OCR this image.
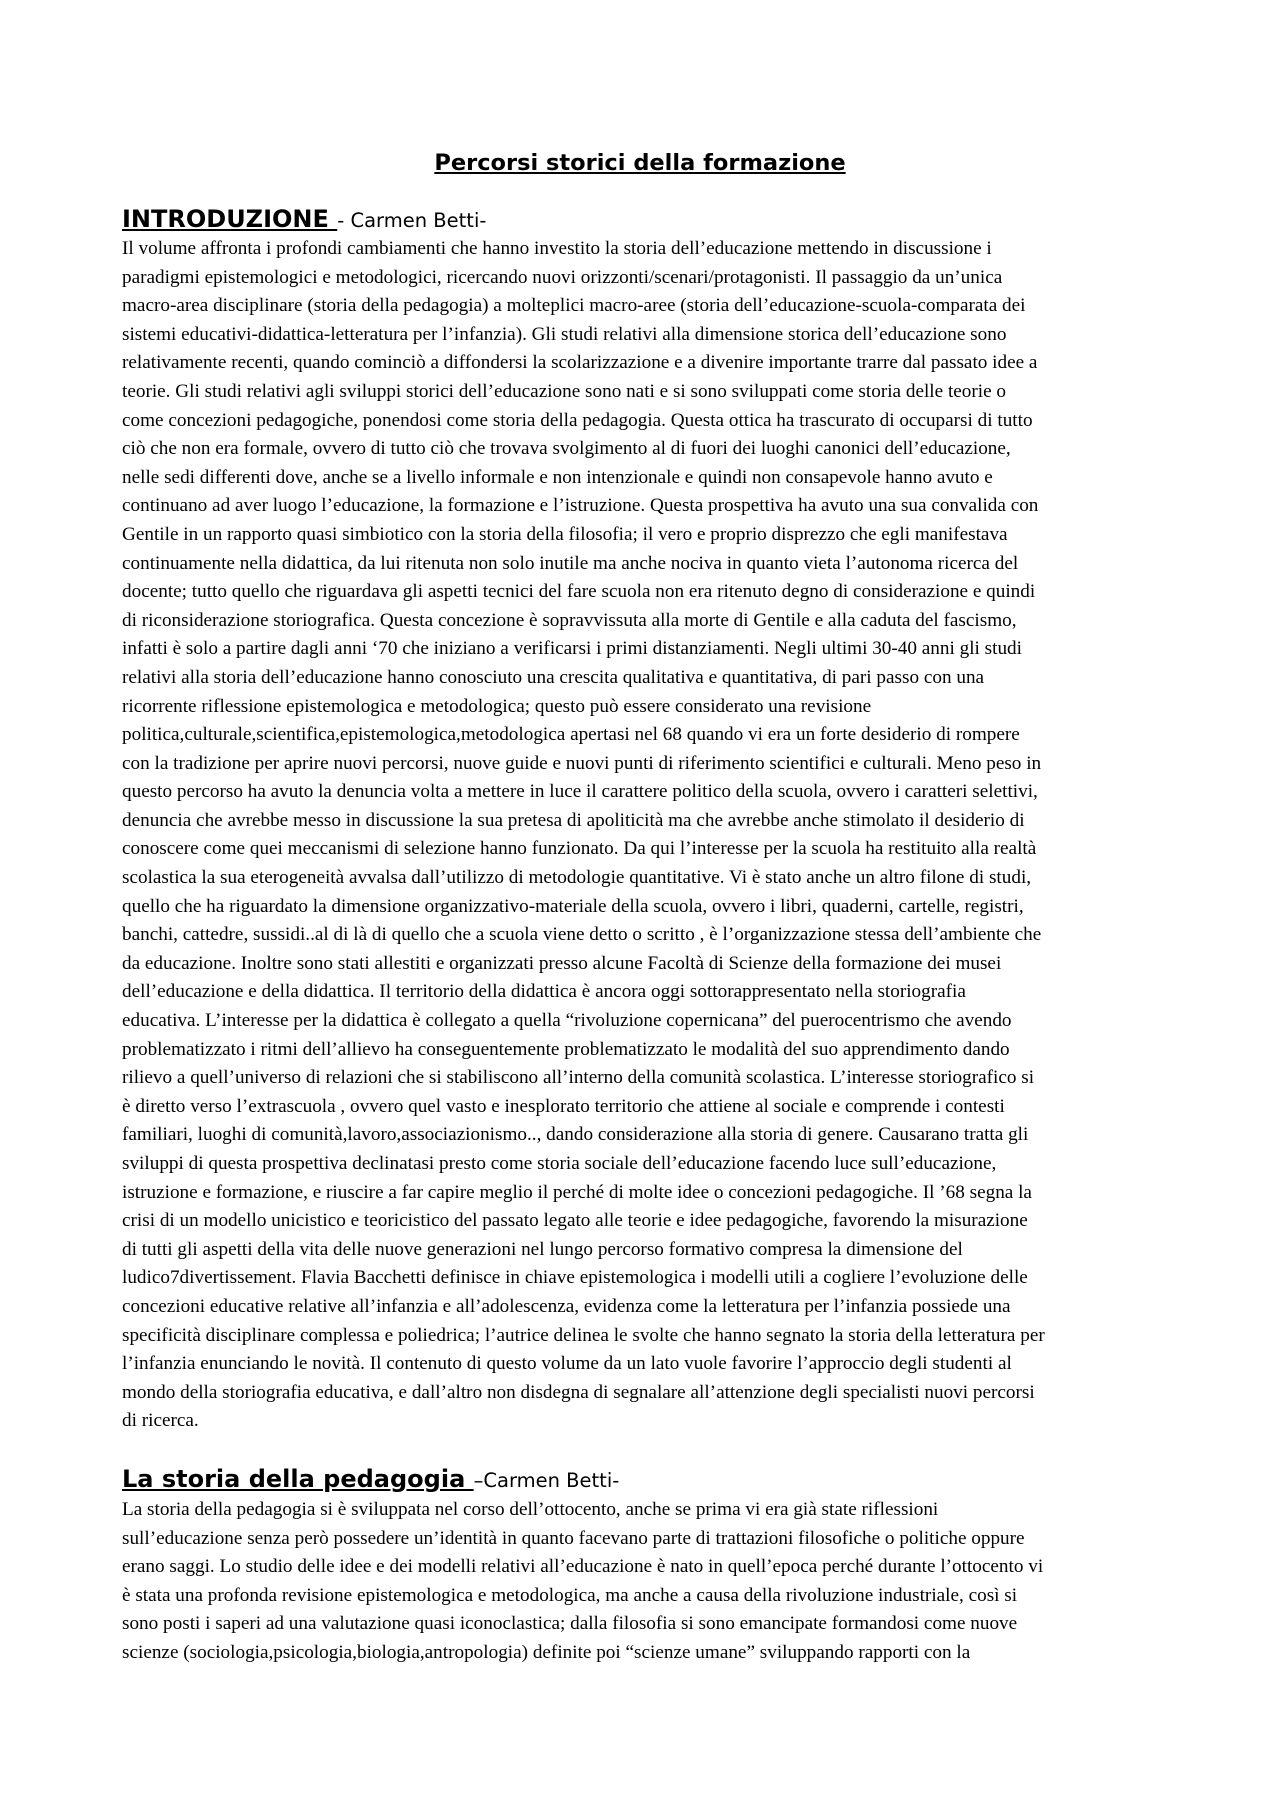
Percorsi storici della formazione
INTRODUZIONE - Carmen Betti-
Il volume affronta i profondi cambiamenti che hanno investito la storia dell’educazione mettendo in discussione i
paradigmi epistemologici e metodologici, ricercando nuovi orizzonti/scenari/protagonisti. Il passaggio da un’unica
macro-area disciplinare (storia della pedagogia) a molteplici macro-aree (storia dell’educazione-scuola-comparata dei
sistemi educativi-didattica-letteratura per l’infanzia). Gli studi relativi alla dimensione storica dell’educazione sono
relativamente recenti, quando cominciò a diffondersi la scolarizzazione e a divenire importante trarre dal passato idee a
teorie. Gli studi relativi agli sviluppi storici dell’educazione sono nati e si sono sviluppati come storia delle teorie o
come concezioni pedagogiche, ponendosi come storia della pedagogia. Questa ottica ha trascurato di occuparsi di tutto
ciò che non era formale, ovvero di tutto ciò che trovava svolgimento al di fuori dei luoghi canonici dell’educazione,
nelle sedi differenti dove, anche se a livello informale e non intenzionale e quindi non consapevole hanno avuto e
continuano ad aver luogo l’educazione, la formazione e l’istruzione. Questa prospettiva ha avuto una sua convalida con
Gentile in un rapporto quasi simbiotico con la storia della filosofia; il vero e proprio disprezzo che egli manifestava
continuamente nella didattica, da lui ritenuta non solo inutile ma anche nociva in quanto vieta l’autonoma ricerca del
docente; tutto quello che riguardava gli aspetti tecnici del fare scuola non era ritenuto degno di considerazione e quindi
di riconsiderazione storiografica. Questa concezione è sopravvissuta alla morte di Gentile e alla caduta del fascismo,
infatti è solo a partire dagli anni ‘70 che iniziano a verificarsi i primi distanziamenti. Negli ultimi 30-40 anni gli studi
relativi alla storia dell’educazione hanno conosciuto una crescita qualitativa e quantitativa, di pari passo con una
ricorrente riflessione epistemologica e metodologica; questo può essere considerato una revisione
politica,culturale,scientifica,epistemologica,metodologica apertasi nel 68 quando vi era un forte desiderio di rompere
con la tradizione per aprire nuovi percorsi, nuove guide e nuovi punti di riferimento scientifici e culturali. Meno peso in
questo percorso ha avuto la denuncia volta a mettere in luce il carattere politico della scuola, ovvero i caratteri selettivi,
denuncia che avrebbe messo in discussione la sua pretesa di apoliticità ma che avrebbe anche stimolato il desiderio di
conoscere come quei meccanismi di selezione hanno funzionato. Da qui l’interesse per la scuola ha restituito alla realtà
scolastica la sua eterogeneità avvalsa dall’utilizzo di metodologie quantitative. Vi è stato anche un altro filone di studi,
quello che ha riguardato la dimensione organizzativo-materiale della scuola, ovvero i libri, quaderni, cartelle, registri,
banchi, cattedre, sussidi..al di là di quello che a scuola viene detto o scritto , è l’organizzazione stessa dell’ambiente che
da educazione. Inoltre sono stati allestiti e organizzati presso alcune Facoltà di Scienze della formazione dei musei
dell’educazione e della didattica. Il territorio della didattica è ancora oggi sottorappresentato nella storiografia
educativa. L’interesse per la didattica è collegato a quella “rivoluzione copernicana” del puerocentrismo che avendo
problematizzato i ritmi dell’allievo ha conseguentemente problematizzato le modalità del suo apprendimento dando
rilievo a quell’universo di relazioni che si stabiliscono all’interno della comunità scolastica. L’interesse storiografico si
è diretto verso l’extrascuola , ovvero quel vasto e inesplorato territorio che attiene al sociale e comprende i contesti
familiari, luoghi di comunità,lavoro,associazionismo.., dando considerazione alla storia di genere. Causarano tratta gli
sviluppi di questa prospettiva declinatasi presto come storia sociale dell’educazione facendo luce sull’educazione,
istruzione e formazione, e riuscire a far capire meglio il perché di molte idee o concezioni pedagogiche. Il ’68 segna la
crisi di un modello unicistico e teoricistico del passato legato alle teorie e idee pedagogiche, favorendo la misurazione
di tutti gli aspetti della vita delle nuove generazioni nel lungo percorso formativo compresa la dimensione del
ludico7divertissement. Flavia Bacchetti definisce in chiave epistemologica i modelli utili a cogliere l’evoluzione delle
concezioni educative relative all’infanzia e all’adolescenza, evidenza come la letteratura per l’infanzia possiede una
specificità disciplinare complessa e poliedrica; l’autrice delinea le svolte che hanno segnato la storia della letteratura per
l’infanzia enunciando le novità. Il contenuto di questo volume da un lato vuole favorire l’approccio degli studenti al
mondo della storiografia educativa, e dall’altro non disdegna di segnalare all’attenzione degli specialisti nuovi percorsi
di ricerca.
La storia della pedagogia –Carmen Betti-
La storia della pedagogia si è sviluppata nel corso dell’ottocento, anche se prima vi era già state riflessioni
sull’educazione senza però possedere un’identità in quanto facevano parte di trattazioni filosofiche o politiche oppure
erano saggi. Lo studio delle idee e dei modelli relativi all’educazione è nato in quell’epoca perché durante l’ottocento vi
è stata una profonda revisione epistemologica e metodologica, ma anche a causa della rivoluzione industriale, così si
sono posti i saperi ad una valutazione quasi iconoclastica; dalla filosofia si sono emancipate formandosi come nuove
scienze (sociologia,psicologia,biologia,antropologia) definite poi “scienze umane” sviluppando rapporti con la
